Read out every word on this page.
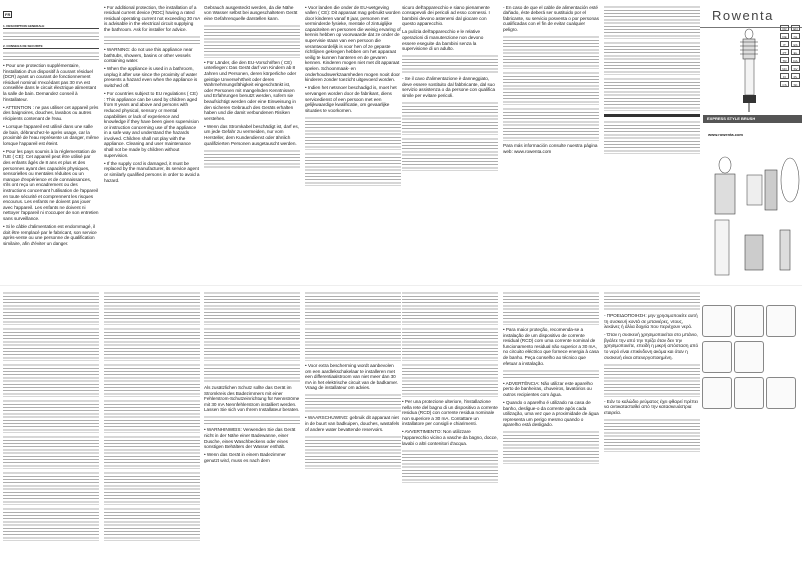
Rowenta
FR	EN
DE	NL
IT	ES
PT	EL
TR	DA
NO	SV
FI	PL
CS	SK
EXPRESS STYLE BRUSH
www.rowenta.com
FR
1. DESCRIPTION GENERALE
2. CONSEILS DE SECURITE

• Pour une protection supplémentaire, l'installation d'un dispositif à courant résiduel (DCR) ayant un courant de fonctionnement résiduel nominal n'excédant pas 30 mA est conseillée dans le circuit électrique alimentant la salle de bain. Demandez conseil à l'installateur.

• ATTENTION : ne pas utiliser cet appareil près des baignoires, douches, lavabos ou autres récipients contenant de l'eau.

• Lorsque l'appareil est utilisé dans une salle de bain, débranchez-le après usage, car la proximité de l'eau représente un danger, même lorsque l'appareil est éteint.

• Pour les pays soumis à la réglementation de l'UE ( CE): Cet appareil peut être utilisé par des enfants âgés de 8 ans et plus et des personnes ayant des capacités physiques, sensorielles ou mentales réduites ou un manque d'expérience et de connaissances, s'ils ont reçu un encadrement ou des instructions concernant l'utilisation de l'appareil en toute sécurité et comprennent les risques encourus. Les enfants ne doivent pas jouer avec l'appareil. Les enfants ne doivent ni nettoyer l'appareil ni s'occuper de son entretien sans surveillance.

• Si le câble d'alimentation est endommagé, il doit être remplacé par le fabricant, son service après-vente ou une personne de qualification similaire, afin d'éviter un danger.

• For additional protection, the installation of a residual current device (RDC) having a rated residual operating current not exceeding 30 mA is advisable in the electrical circuit supplying the bathroom. Ask for installer for advice.

• WARNING: do not use this appliance near bathtubs, showers, basins or other vessels containing water.

• When the appliance is used in a bathroom, unplug it after use since the proximity of water presents a hazard even when the appliance is switched off.

• For countries subject to EU regulations ( CE) : This appliance can be used by children aged from 8 years and above and persons with reduced physical, sensory or mental capabilities or lack of experience and knowledge if they have been given supervision or instruction concerning use of the appliance in a safe way and understand the hazards involved. Children shall not play with the appliance. Cleaning and user maintenance shall not be made by children without supervision.

• If the supply cord is damaged, it must be replaced by the manufacturer, its service agent or similarly qualified persons in order to avoid a hazard.

Gebrauch ausgesteckt werden, da die Nähe von Wasser selbst bei ausgeschaltetem Gerät eine Gefahrenquelle darstellen kann.

• Für Länder, die den EU-Vorschriften ( CE) unterliegen: Das Gerät darf von Kindern ab 8 Jahren und Personen, deren körperliche oder geistige Unversehrtheit oder deren Wahrnehmungsfähigkeit eingeschränkt ist, oder Personen mit mangelnden Kenntnissen und Erfahrungen benutzt werden, sofern sie beaufsichtigt werden oder eine Einweisung in den sicheren Gebrauch des Geräts erhalten haben und die damit verbundenen Risiken verstehen.

• Wenn das Stromkabel beschädigt ist, darf es, um jede Gefahr zu vermeiden, nur vom Hersteller, dem Kundendienst oder ähnlich qualifizierten Personen ausgetauscht werden.

• Voor landen die onder de EU-wetgeving vallen ( CE): Dit apparaat mag gebruikt worden door kinderen vanaf 8 jaar, personen met verminderde fysieke, mentale of zintuiglijke capaciteiten en personen die weinig ervaring of kennis hebben op voorwaarde dat ze onder de supervisie staan van een persoon die verantwoordelijk is voor hen of ze gepaste richtlijnen gekregen hebben om het apparaat veilig te kunnen hanteren en de gevaren kennen. Kinderen mogen niet met dit apparaat spelen. Schoonmaak- en onderhoudswerkzaamheden mogen nooit door kinderen zonder toezicht uitgevoerd worden.

• Indien het netsnoer beschadigd is, moet het vervangen worden door de fabrikant, diens servicedienst of een persoon met een gelijkwaardige kwalificatie, om gevaarlijke situaties te voorkomen.

sicuro dell'apparecchio e siano pienamente consapevoli dei pericoli ad esso connessi. I bambini devono astenersi dal giocare con questo apparecchio.

La pulizia dell'apparecchio e le relative operazioni di manutenzione non devono essere eseguite da bambini senza la supervisione di un adulto.

- Se il cavo d'alimentazione è danneggiato, deve essere sostituito dal fabbricante, dal suo servizio assistenza o da persone con qualifica simile per evitare pericoli.

- En caso de que el cable de alimentación esté dañado, éste deberá ser sustituido por el fabricante, su servicio posventa o por personas cualificadas con el fin de evitar cualquier peligro.

Para más información consulte nuestra página web: www.rowenta.com

Als zusätzlichen Schutz sollte das Gerät im Stromkreis des Badezimmers mit einer Fehlerstrom-Schutzeinrichtung für Nennströme mit 30 mA Nennfehlerstrom installiert werden. Lassen Sie sich von Ihrem Installateur beraten.

• WARNHINWEIS: Verwenden Sie das Gerät nicht in der Nähe einer Badewanne, einer Dusche, eines Waschbeckens oder eines sonstigen Behälters der Wasser enthält.

• Wenn das Gerät in einem Badezimmer genutzt wird, muss es nach dem

• Voor extra bescherming wordt aanbevolen om een aardlekschakelaar te installeren met een differentiaalstroom van niet meer dan 30 mA in het elektrische circuit van de badkamer. Vraag de installateur om advies.

• WAARSCHUWING: gebruik dit apparaat niet in de buurt van badkuipen, douches, wastafels of andere water bevattende reservoirs.

• Per una protezione ulteriore, l'installazione nella rete del bagno di un dispositivo a corrente residua (RCD) con corrente residua nominale non superiore a 30 mA. Contattare un installatore per consigli e chiarimenti.

• AVVERTIMENTO: Non utilizzare l'apparecchio vicino a vasche da bagno, docce, lavabi o altri contenitori d'acqua.

• Para maior proteção, recomenda-se a instalação de um dispositivo de corrente residual (RCD) com uma corrente nominal de funcionamento residual não superior a 30 mA, no circuito eléctrico que fornece energia à casa de banho. Peça conselho ao técnico que efetuar a instalação.

• ADVERTÊNCIA: Não utilizar este aparelho perto de banheiras, chuveiros, lavatórios ou outros recipientes com água.

• Quando o aparelho é utilizado na casa de banho, desligue-o da corrente após cada utilização, uma vez que a proximidade de água representa um perigo mesmo quando o aparelho está desligado.

- ΠΡΟΕΙΔΟΠΟΙΗΣΗ: μην χρησιμοποιείτε αυτή τη συσκευή κοντά σε μπανιέρες, ντους, λεκάνες ή άλλα δοχεία που περιέχουν νερό.

- Όταν η συσκευή χρησιμοποιείται στο μπάνιο, βγάλτε την από την πρίζα όταν δεν την χρησιμοποιείτε, επειδή η μικρή απόσταση από το νερό είναι επικίνδυνη ακόμα και όταν η συσκευή είναι απενεργοποιημένη.

- Εάν το καλώδιο ρεύματος έχει φθαρεί πρέπει να αντικατασταθεί από την κατασκευάστρια εταιρεία.
